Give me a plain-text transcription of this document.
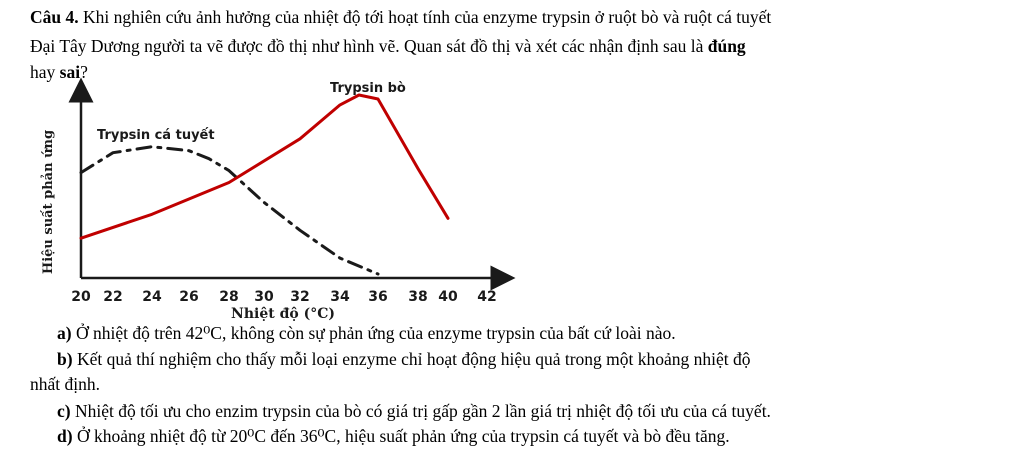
Câu 4. Khi nghiên cứu ảnh hưởng của nhiệt độ tới hoạt tính của enzyme trypsin ở ruột bò và ruột cá tuyết
Đại Tây Dương người ta vẽ được đồ thị như hình vẽ. Quan sát đồ thị và xét các nhận định sau là đúng
hay sai?
20 22 24 26 28 30 32 34 36 38 40 42
Hiệu suất phản ứng
Nhiệt độ (°C)
Trypsin cá tuyết
Trypsin bò
a) Ở nhiệt độ trên 42⁰C, không còn sự phản ứng của enzyme trypsin của bất cứ loài nào.
b) Kết quả thí nghiệm cho thấy mỗi loại enzyme chỉ hoạt động hiệu quả trong một khoảng nhiệt độ
nhất định.
c) Nhiệt độ tối ưu cho enzim trypsin của bò có giá trị gấp gần 2 lần giá trị nhiệt độ tối ưu của cá tuyết.
d) Ở khoảng nhiệt độ từ 20⁰C đến 36⁰C, hiệu suất phản ứng của trypsin cá tuyết và bò đều tăng.
